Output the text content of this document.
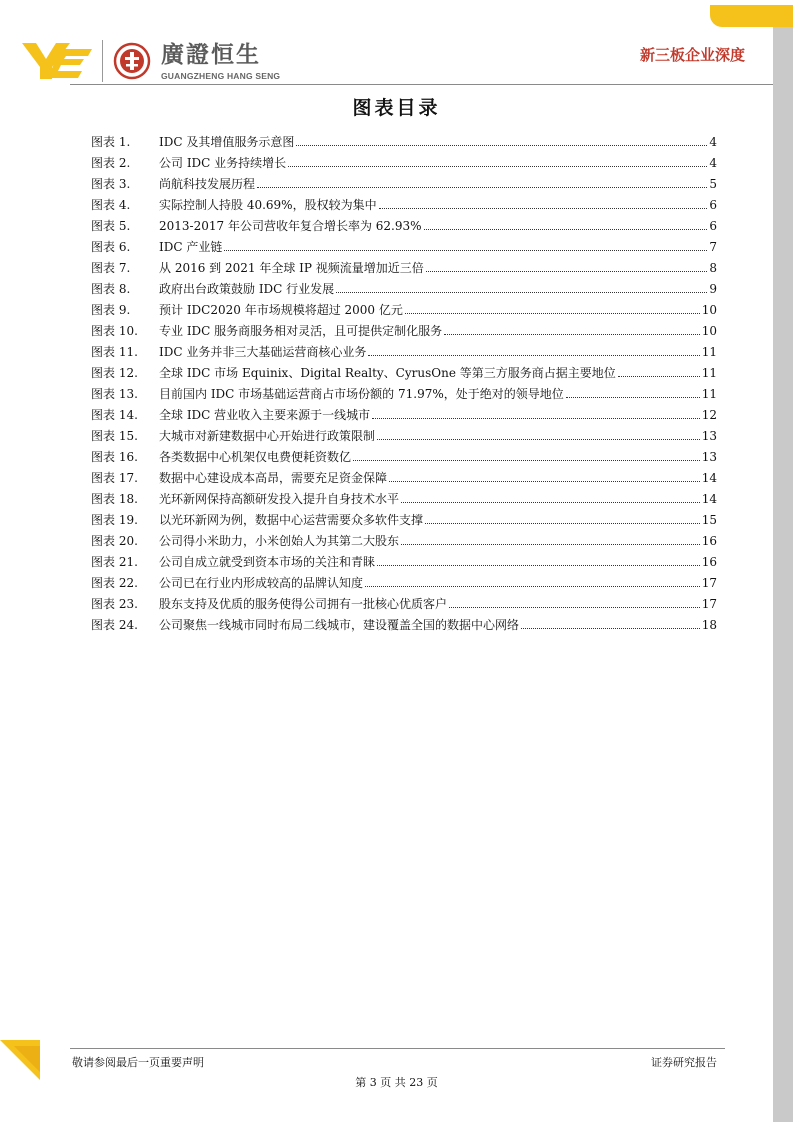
廣證恒生
GUANGZHENG HANG SENG
新三板企业深度
图表目录
图表 1.	IDC 及其增值服务示意图	4
图表 2.	公司 IDC 业务持续增长	4
图表 3.	尚航科技发展历程	5
图表 4.	实际控制人持股 40.69%，股权较为集中	6
图表 5.	2013-2017 年公司营收年复合增长率为 62.93%	6
图表 6.	IDC 产业链	7
图表 7.	从 2016 到 2021 年全球 IP 视频流量增加近三倍	8
图表 8.	政府出台政策鼓励 IDC 行业发展	9
图表 9.	预计 IDC2020 年市场规模将超过 2000 亿元	10
图表 10.	专业 IDC 服务商服务相对灵活，且可提供定制化服务	10
图表 11.	IDC 业务并非三大基础运营商核心业务	11
图表 12.	全球 IDC 市场 Equinix、Digital Realty、CyrusOne 等第三方服务商占据主要地位	11
图表 13.	目前国内 IDC 市场基础运营商占市场份额的 71.97%，处于绝对的领导地位	11
图表 14.	全球 IDC 营业收入主要来源于一线城市	12
图表 15.	大城市对新建数据中心开始进行政策限制	13
图表 16.	各类数据中心机架仅电费便耗资数亿	13
图表 17.	数据中心建设成本高昂，需要充足资金保障	14
图表 18.	光环新网保持高额研发投入提升自身技术水平	14
图表 19.	以光环新网为例，数据中心运营需要众多软件支撑	15
图表 20.	公司得小米助力，小米创始人为其第二大股东	16
图表 21.	公司自成立就受到资本市场的关注和青睐	16
图表 22.	公司已在行业内形成较高的品牌认知度	17
图表 23.	股东支持及优质的服务使得公司拥有一批核心优质客户	17
图表 24.	公司聚焦一线城市同时布局二线城市，建设覆盖全国的数据中心网络	18
敬请参阅最后一页重要声明	证券研究报告
第 3 页 共 23 页
